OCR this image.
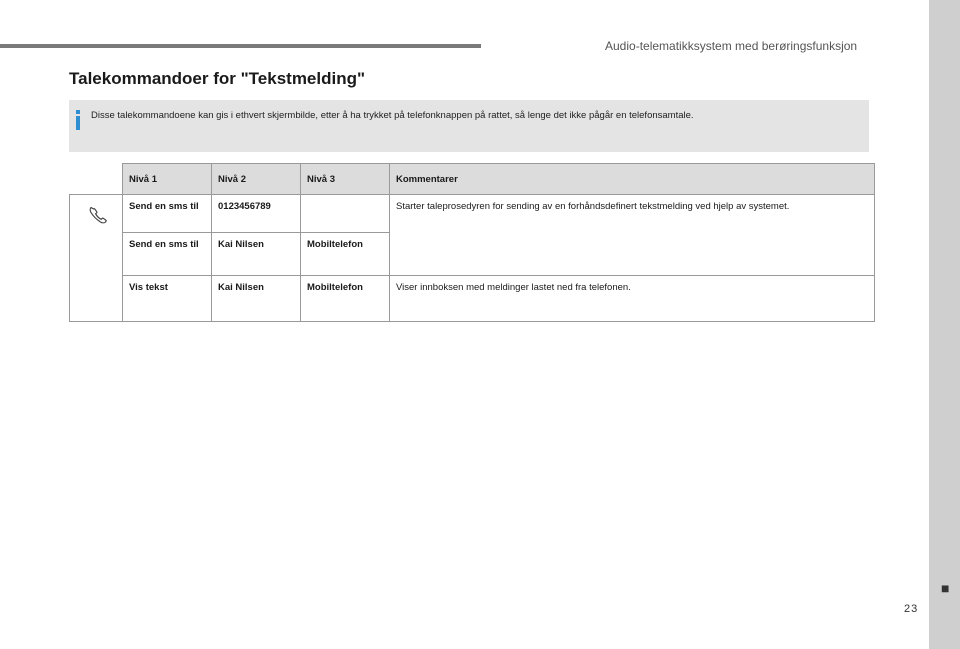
Audio-telematikksystem med berøringsfunksjon
■
23
Talekommandoer for "Tekstmelding"

Disse talekommandoene kan gis i ethvert skjermbilde, etter å ha trykket på telefonknappen på rattet, så lenge det ikke pågår en telefonsamtale.

	Nivå 1	Nivå 2	Nivå 3	Kommentarer

	Send en sms til	0123456789		Starter taleprosedyren for sending av en forhåndsdefinert tekstmelding ved hjelp av systemet.
	Send en sms til	Kai Nilsen	Mobiltelefon	
	Vis tekst	Kai Nilsen	Mobiltelefon	Viser innboksen med meldinger lastet ned fra telefonen.
